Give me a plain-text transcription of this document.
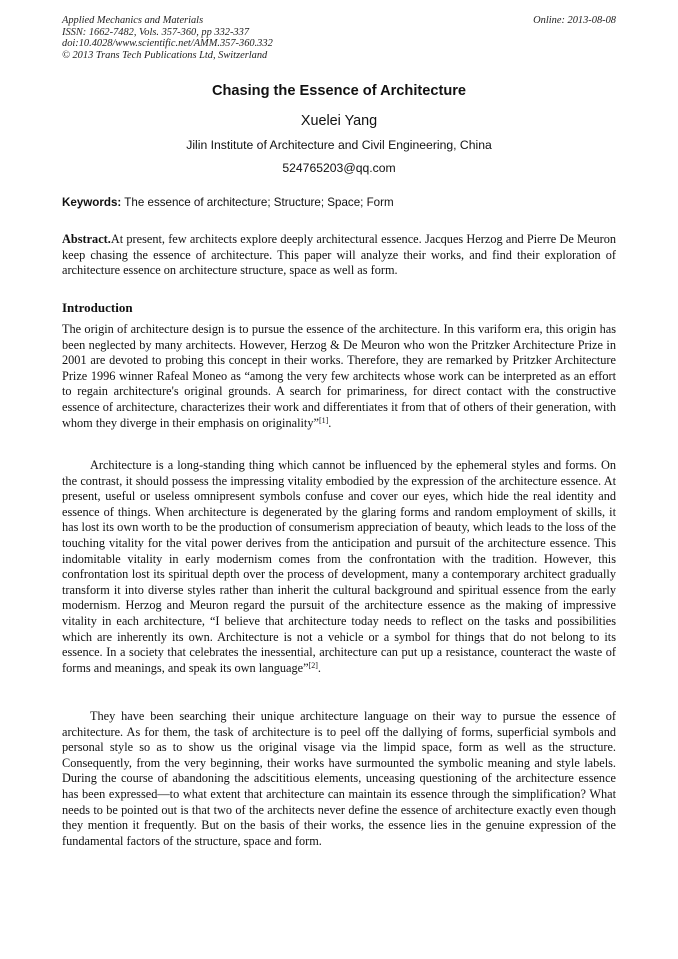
Applied Mechanics and Materials
ISSN: 1662-7482, Vols. 357-360, pp 332-337
doi:10.4028/www.scientific.net/AMM.357-360.332
© 2013 Trans Tech Publications Ltd, Switzerland
Online: 2013-08-08
Chasing the Essence of Architecture
Xuelei Yang
Jilin Institute of Architecture and Civil Engineering, China
524765203@qq.com
Keywords: The essence of architecture; Structure; Space; Form
Abstract.At present, few architects explore deeply architectural essence. Jacques Herzog and Pierre De Meuron keep chasing the essence of architecture. This paper will analyze their works, and find their exploration of architecture essence on architecture structure, space as well as form.
Introduction
The origin of architecture design is to pursue the essence of the architecture. In this variform era, this origin has been neglected by many architects. However, Herzog & De Meuron who won the Pritzker Architecture Prize in 2001 are devoted to probing this concept in their works. Therefore, they are remarked by Pritzker Architecture Prize 1996 winner Rafeal Moneo as “among the very few architects whose work can be interpreted as an effort to regain architecture's original grounds. A search for primariness, for direct contact with the constructive essence of architecture, characterizes their work and differentiates it from that of others of their generation, with whom they diverge in their emphasis on originality”[1].
Architecture is a long-standing thing which cannot be influenced by the ephemeral styles and forms. On the contrast, it should possess the impressing vitality embodied by the expression of the architecture essence. At present, useful or useless omnipresent symbols confuse and cover our eyes, which hide the real identity and essence of things. When architecture is degenerated by the glaring forms and random employment of skills, it has lost its own worth to be the production of consumerism appreciation of beauty, which leads to the loss of the touching vitality for the vital power derives from the anticipation and pursuit of the architecture essence. This indomitable vitality in early modernism comes from the confrontation with the tradition. However, this confrontation lost its spiritual depth over the process of development, many a contemporary architect gradually transform it into diverse styles rather than inherit the cultural background and spiritual essence from the early modernism. Herzog and Meuron regard the pursuit of the architecture essence as the making of impressive vitality in each architecture, “I believe that architecture today needs to reflect on the tasks and possibilities which are inherently its own. Architecture is not a vehicle or a symbol for things that do not belong to its essence. In a society that celebrates the inessential, architecture can put up a resistance, counteract the waste of forms and meanings, and speak its own language”[2].
They have been searching their unique architecture language on their way to pursue the essence of architecture. As for them, the task of architecture is to peel off the dallying of forms, superficial symbols and personal style so as to show us the original visage via the limpid space, form as well as the structure. Consequently, from the very beginning, their works have surmounted the symbolic meaning and style labels. During the course of abandoning the adscititious elements, unceasing questioning of the architecture essence has been expressed—to what extent that architecture can maintain its essence through the simplification? What needs to be pointed out is that two of the architects never define the essence of architecture exactly even though they mention it frequently. But on the basis of their works, the essence lies in the genuine expression of the fundamental factors of the structure, space and form.
